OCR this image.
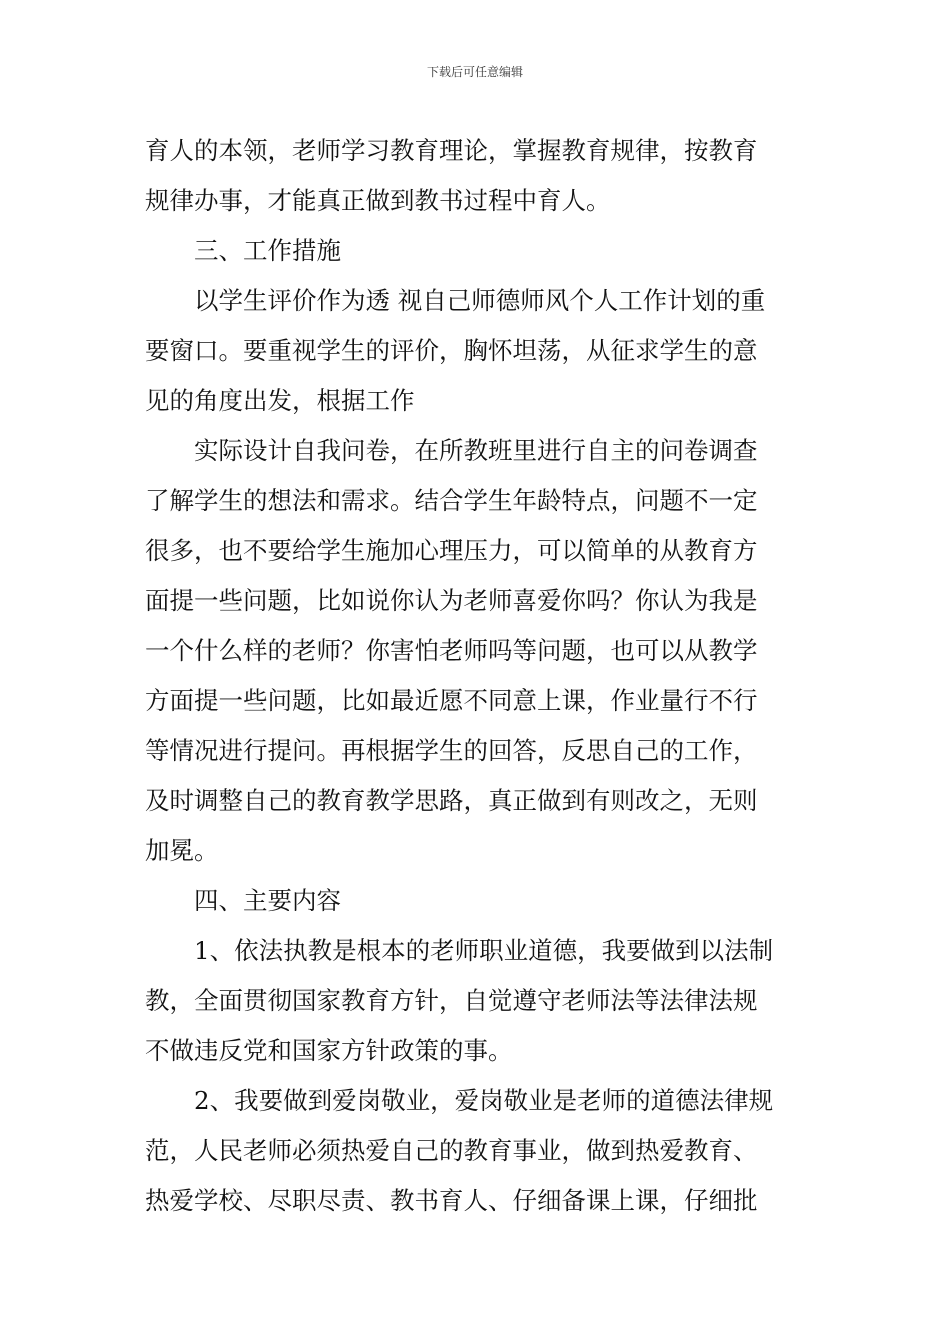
下载后可任意编辑
育人的本领，老师学习教育理论，掌握教育规律，按教育
规律办事，才能真正做到教书过程中育人。
三、工作措施
以学生评价作为透 视自己师德师风个人工作计划的重
要窗口。要重视学生的评价，胸怀坦荡，从征求学生的意
见的角度出发，根据工作
实际设计自我问卷，在所教班里进行自主的问卷调查
了解学生的想法和需求。结合学生年龄特点，问题不一定
很多，也不要给学生施加心理压力，可以简单的从教育方
面提一些问题，比如说你认为老师喜爱你吗？你认为我是
一个什么样的老师？你害怕老师吗等问题，也可以从教学
方面提一些问题，比如最近愿不同意上课，作业量行不行
等情况进行提问。再根据学生的回答，反思自己的工作，
及时调整自己的教育教学思路，真正做到有则改之，无则
加冕。
四、主要内容
1、依法执教是根本的老师职业道德，我要做到以法制
教，全面贯彻国家教育方针，自觉遵守老师法等法律法规
不做违反党和国家方针政策的事。
2、我要做到爱岗敬业，爱岗敬业是老师的道德法律规
范，人民老师必须热爱自己的教育事业，做到热爱教育、
热爱学校、尽职尽责、教书育人、仔细备课上课，仔细批
